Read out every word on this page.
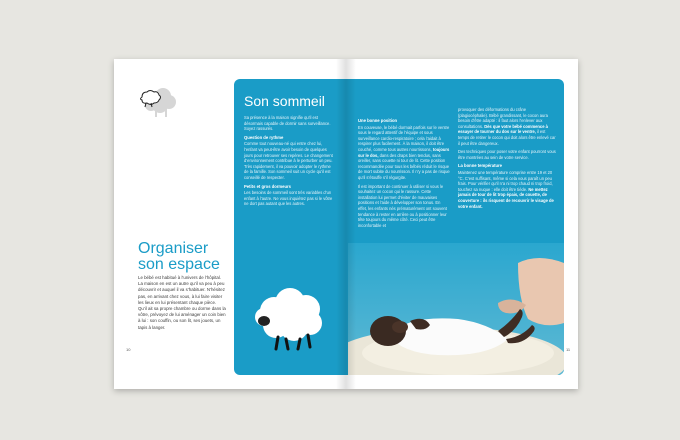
Organiser
son espace
Le bébé est habitué à l’univers de l’hôpital. La maison en est un autre qu’il va peu à peu découvrir et auquel il va s’habituer. N’hésitez pas, en arrivant chez vous, à lui faire visiter les lieux en lui présentant chaque pièce. Qu’il ait sa propre chambre ou dorme dans la vôtre, prévoyez de lui aménager un coin bien à lui : son couffin, ou son lit, ses jouets, un tapis à langer.
10
Son sommeil

Sa présence à la maison signifie qu’il est désormais capable de dormir sans surveillance. Soyez rassurés.

Question de rythme

Comme tout nouveau-né qui entre chez lui, l’enfant va peut-être avoir besoin de quelques jours pour retrouver ses repères. Le changement d’environnement contribue à le perturber un peu. Très rapidement, il va pouvoir adopter le rythme de la famille. Son sommeil suit un cycle qu’il est conseillé de respecter.

Petits et gros dormeurs

Les besoins de sommeil sont très variables d’un enfant à l’autre. Ne vous inquiétez pas si le vôtre ne dort pas autant que les autres.

Une bonne position

En couveuse, le bébé dormait parfois sur le ventre sous le regard attentif de l’équipe et sous surveillance cardio-respiratoire ; cela l’aidait à respirer plus facilement. À la maison, il doit être couché, comme tous autres nourrissons, toujours sur le dos, dans des draps bien tendus, sans oreiller, sans couette ni tour de lit. Cette position recommandée pour tous les bébés réduit le risque de mort subite du nourrisson. Il n’y a pas de risque qu’il s’étouffe s’il régurgite.

Il est important de continuer à utiliser si vous le souhaitez un cocon qui le rassure. Cette installation lui permet d’éviter de mauvaises positions et l’aide à développer son tonus. En effet, les enfants nés prématurément ont souvent tendance à rester en arrière ou à positionner leur tête toujours du même côté. Ceci peut être inconfortable et

provoquer des déformations du crâne (plagiocéphalie). Bébé grandissant, le cocon aura besoin d’être adapté : il faut alors l’enlever aux consultations. Dès que votre bébé commence à essayer de tourner du dos sur le ventre, il est temps de retirer le cocon qui doit alors être enlevé car il peut être dangereux.

Des techniques pour poser votre enfant pourront vous être montrées au sein de votre service.

La bonne température

Maintenez une température comprise entre 19 et 20 °C. C’est suffisant, même si cela vous paraît un peu frais. Pour vérifier qu’il n’a ni trop chaud ni trop froid, touchez sa nuque : elle doit être tiède. Ne mettez jamais de tour de lit trop épais, de couette, de couverture : ils risquent de recouvrir le visage de votre enfant.

11
